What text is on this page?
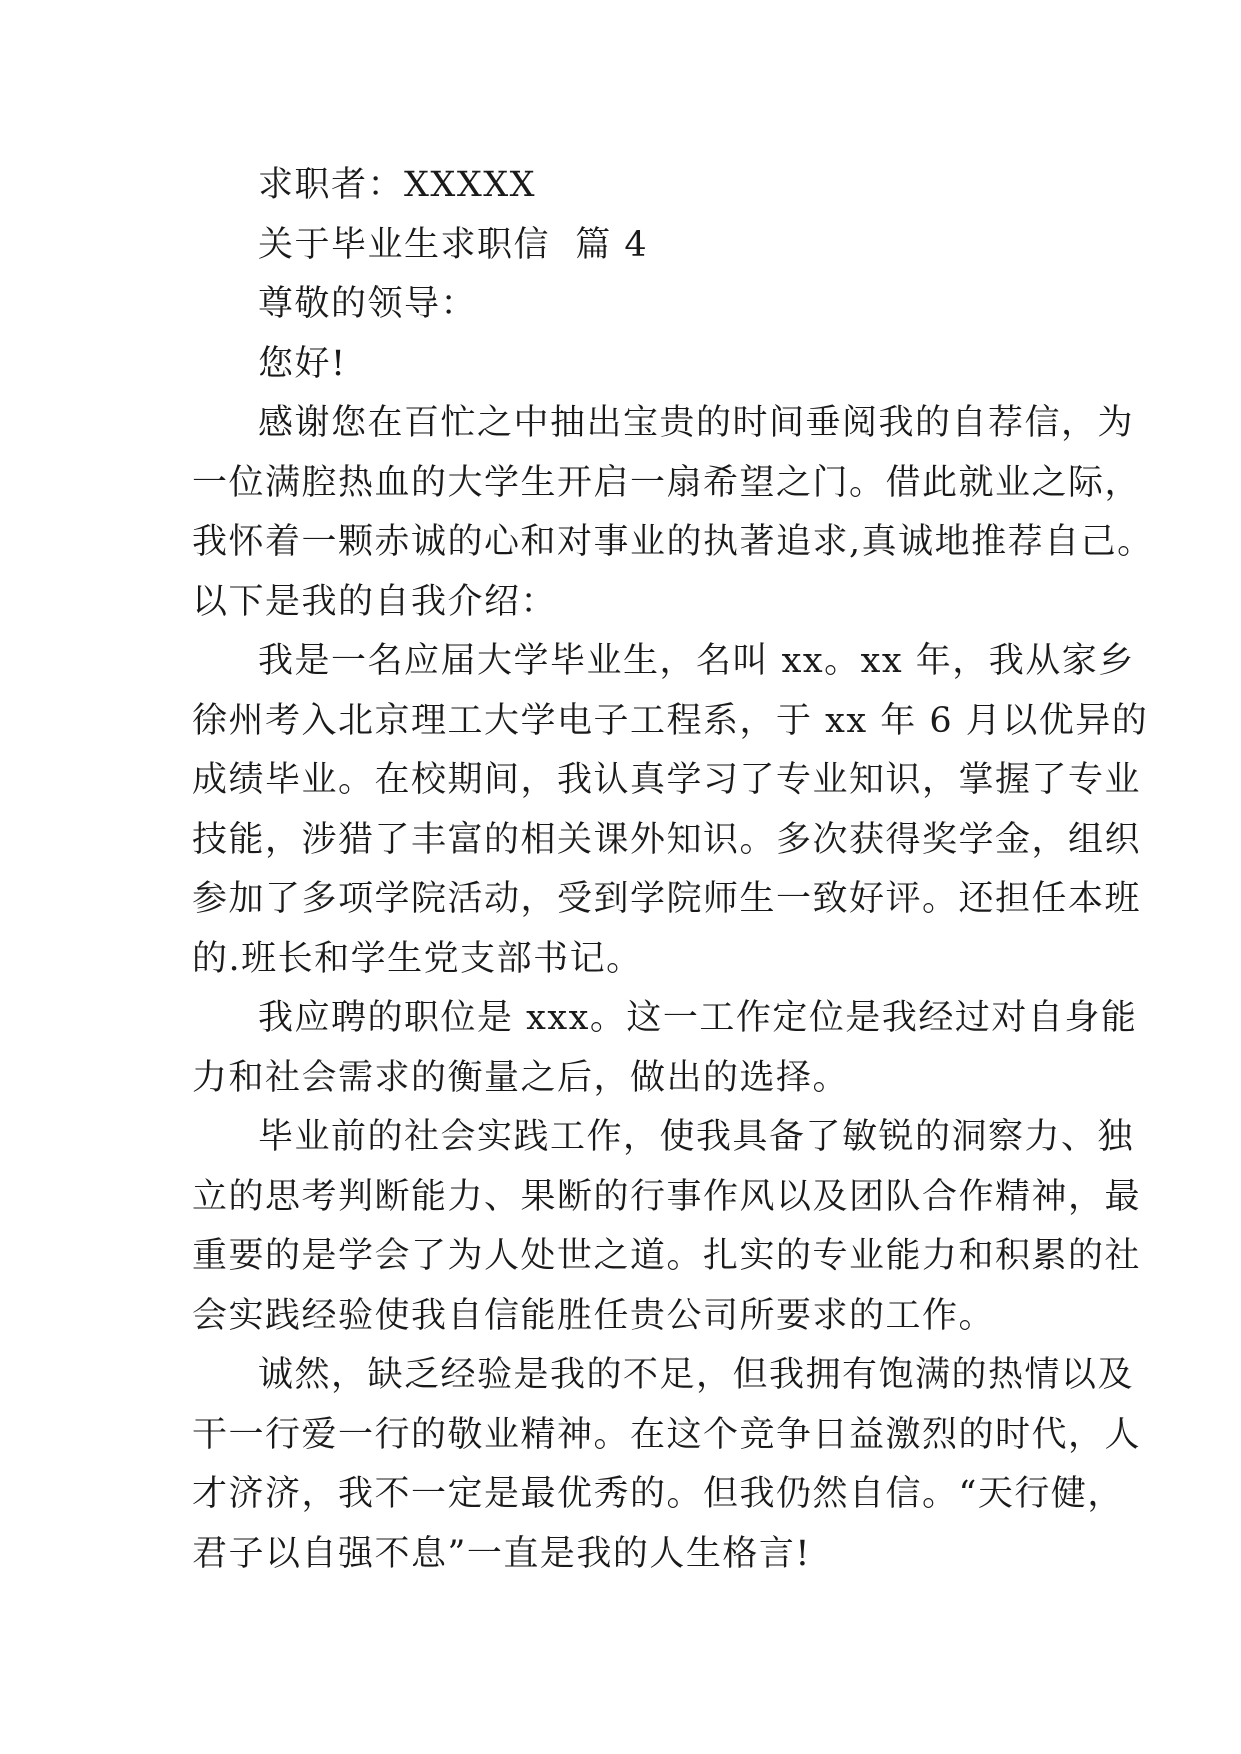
求职者：XXXXX
关于毕业生求职信  篇 4
尊敬的领导：
您好!
感谢您在百忙之中抽出宝贵的时间垂阅我的自荐信，为
一位满腔热血的大学生开启一扇希望之门。借此就业之际，
我怀着一颗赤诚的心和对事业的执著追求,真诚地推荐自己。
以下是我的自我介绍：
我是一名应届大学毕业生，名叫 xx。xx 年，我从家乡
徐州考入北京理工大学电子工程系，于 xx 年 6 月以优异的
成绩毕业。在校期间，我认真学习了专业知识，掌握了专业
技能，涉猎了丰富的相关课外知识。多次获得奖学金，组织
参加了多项学院活动，受到学院师生一致好评。还担任本班
的.班长和学生党支部书记。
我应聘的职位是 xxx。这一工作定位是我经过对自身能
力和社会需求的衡量之后，做出的选择。
毕业前的社会实践工作，使我具备了敏锐的洞察力、独
立的思考判断能力、果断的行事作风以及团队合作精神，最
重要的是学会了为人处世之道。扎实的专业能力和积累的社
会实践经验使我自信能胜任贵公司所要求的工作。
诚然，缺乏经验是我的不足，但我拥有饱满的热情以及
干一行爱一行的敬业精神。在这个竞争日益激烈的时代，人
才济济，我不一定是最优秀的。但我仍然自信。“天行健，
君子以自强不息”一直是我的人生格言!
